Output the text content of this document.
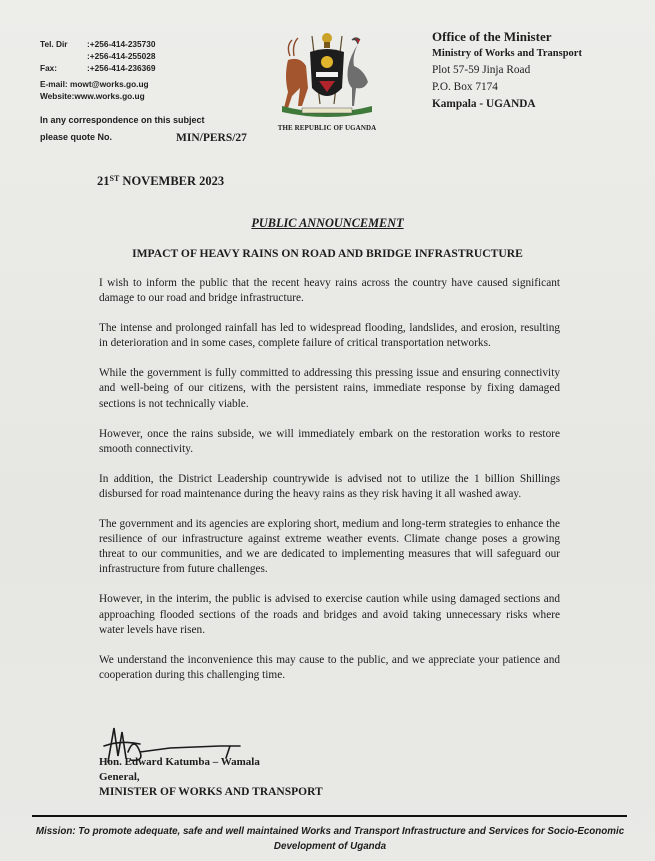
Tel. Dir	:+256-414-235730
:+256-414-255028
Fax:	:+256-414-236369
E-mail: mowt@works.go.ug
Website:www.works.go.ug
In any correspondence on this subject
please quote No.	MIN/PERS/27
THE REPUBLIC OF UGANDA
Office of the Minister
Ministry of Works and Transport
Plot 57-59 Jinja Road
P.O. Box 7174
Kampala - UGANDA
21ST NOVEMBER 2023
PUBLIC ANNOUNCEMENT
IMPACT OF HEAVY RAINS ON ROAD AND BRIDGE INFRASTRUCTURE

I wish to inform the public that the recent heavy rains across the country have caused significant damage to our road and bridge infrastructure.

The intense and prolonged rainfall has led to widespread flooding, landslides, and erosion, resulting in deterioration and in some cases, complete failure of critical transportation networks.

While the government is fully committed to addressing this pressing issue and ensuring connectivity and well-being of our citizens, with the persistent rains, immediate response by fixing damaged sections is not technically viable.

However, once the rains subside, we will immediately embark on the restoration works to restore smooth connectivity.

In addition, the District Leadership countrywide is advised not to utilize the 1 billion Shillings disbursed for road maintenance during the heavy rains as they risk having it all washed away.

The government and its agencies are exploring short, medium and long-term strategies to enhance the resilience of our infrastructure against extreme weather events. Climate change poses a growing threat to our communities, and we are dedicated to implementing measures that will safeguard our infrastructure from future challenges.

However, in the interim, the public is advised to exercise caution while using damaged sections and approaching flooded sections of the roads and bridges and avoid taking unnecessary risks where water levels have risen.

We understand the inconvenience this may cause to the public, and we appreciate your patience and cooperation during this challenging time.

Hon. Edward Katumba – Wamala
General,
MINISTER OF WORKS AND TRANSPORT
Mission: To promote adequate, safe and well maintained Works and Transport Infrastructure and Services for Socio-Economic Development of Uganda
